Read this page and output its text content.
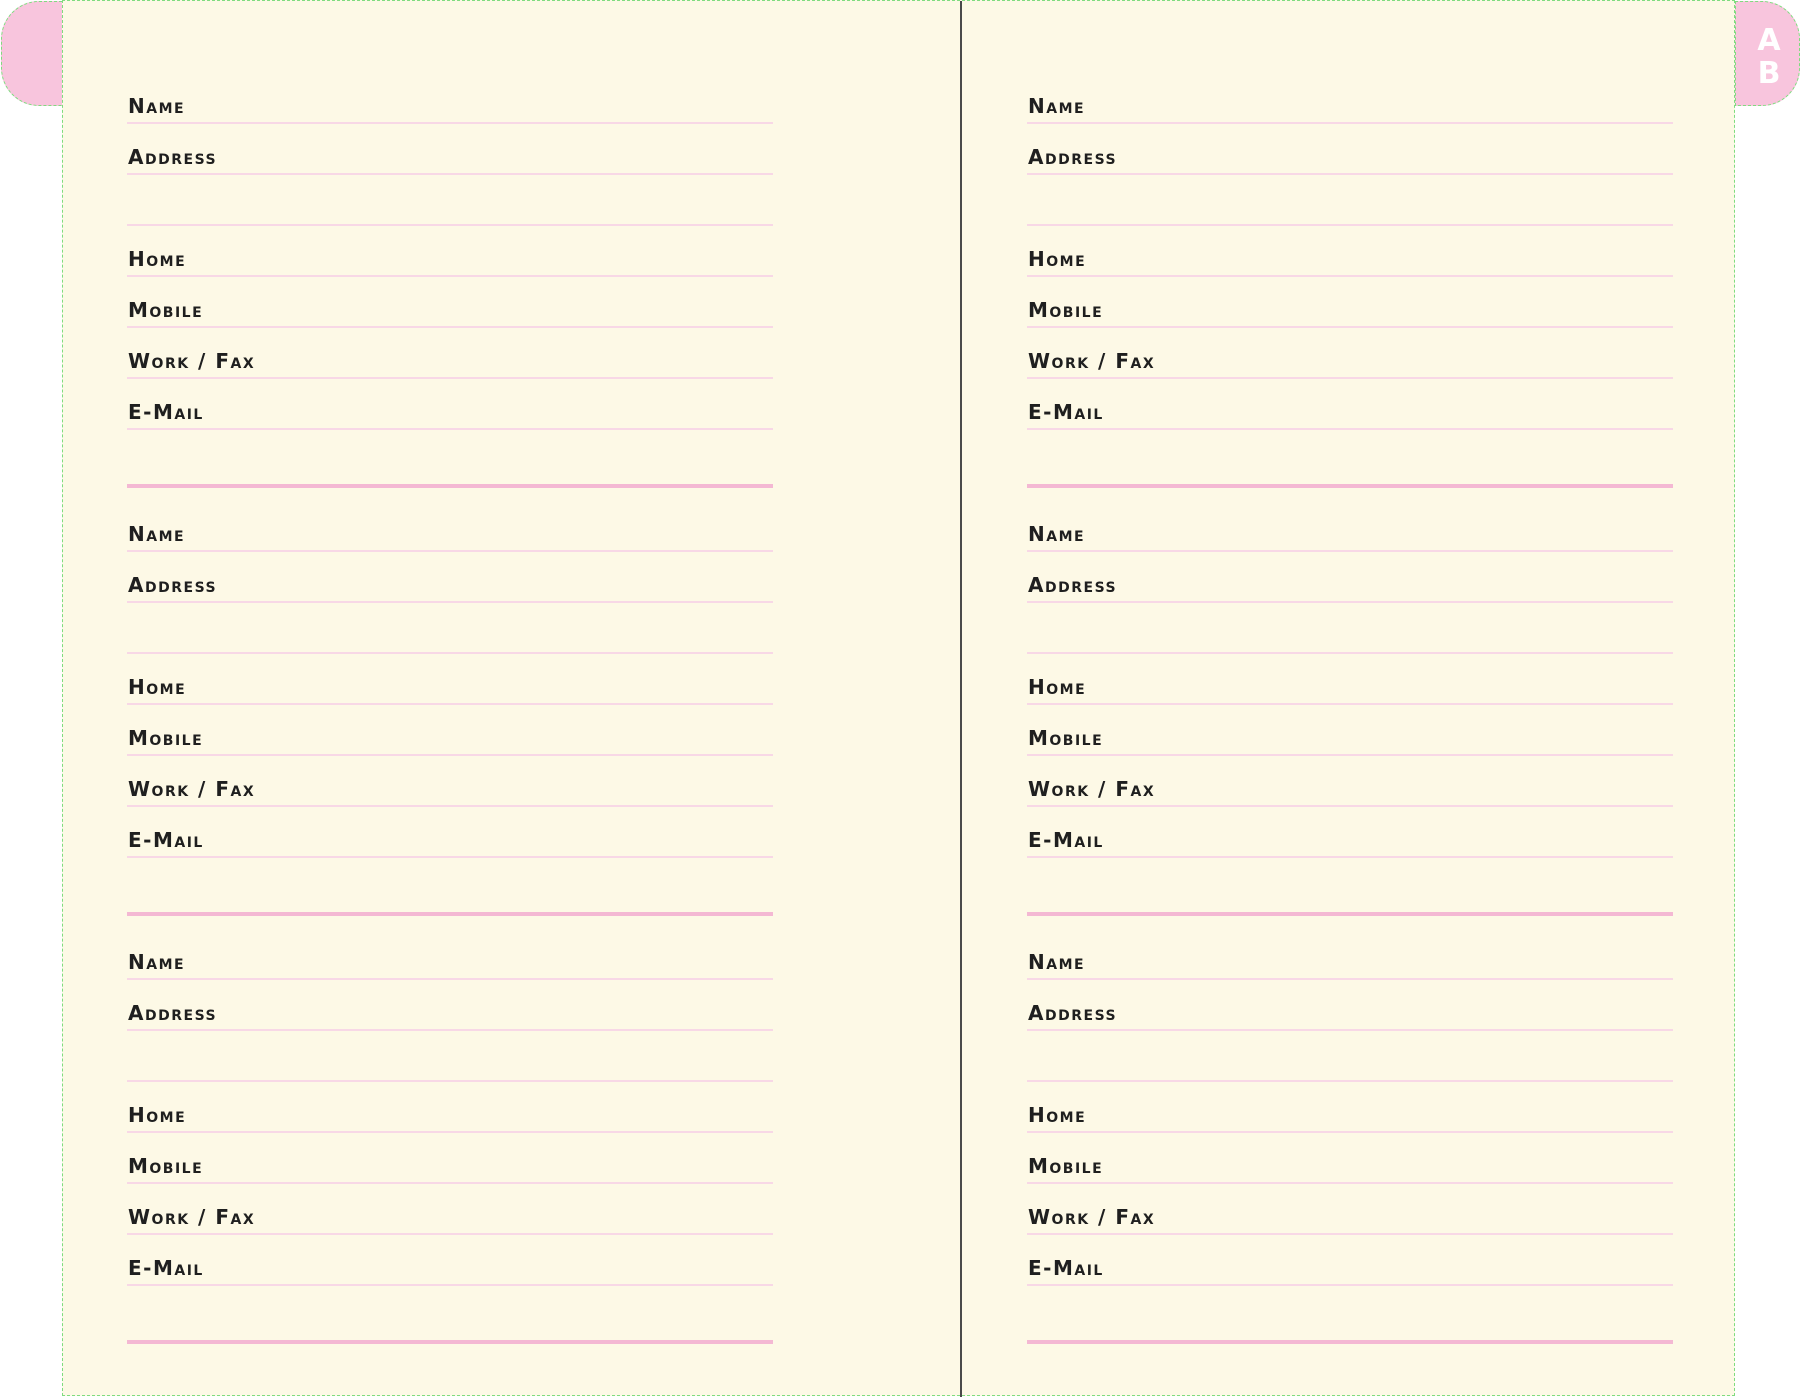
A
B
Name
Address
Home
Mobile
Work / Fax
E-Mail
Name
Address
Home
Mobile
Work / Fax
E-Mail
Name
Address
Home
Mobile
Work / Fax
E-Mail
Name
Address
Home
Mobile
Work / Fax
E-Mail
Name
Address
Home
Mobile
Work / Fax
E-Mail
Name
Address
Home
Mobile
Work / Fax
E-Mail
